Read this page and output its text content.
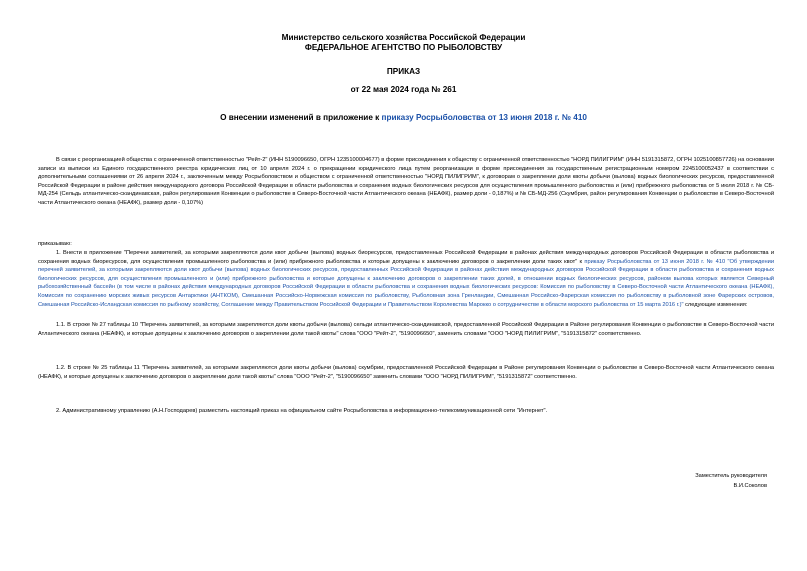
Министерство сельского хозяйства Российской Федерации
ФЕДЕРАЛЬНОЕ АГЕНТСТВО ПО РЫБОЛОВСТВУ
ПРИКАЗ
от 22 мая 2024 года № 261
О внесении изменений в приложение к приказу Росрыболовства от 13 июня 2018 г. № 410

В связи с реорганизацией общества с ограниченной ответственностью "Рейт-2" (ИНН 5190096650, ОГРН 1235100004677) в форме присоединения к обществу с ограниченной ответственностью "НОРД ПИЛИГРИМ" (ИНН 5191315872, ОГРН 1025100857726) на основании записи из выписки из Единого государственного реестра юридических лиц от 10 апреля 2024 г. о прекращении юридического лица путем реорганизации в форме присоединения за государственным регистрационным номером 2245100052437 в соответствии с дополнительными соглашениями от 26 апреля 2024 г., заключенным между Росрыболовством и обществом с ограниченной ответственностью "НОРД ПИЛИГРИМ", к договорам о закреплении доли квоты добычи (вылова) водных биологических ресурсов, предоставленной Российской Федерации в районе действия международного договора Российской Федерации в области рыболовства и сохранения водных биологических ресурсов для осуществления промышленного рыболовства и (или) прибрежного рыболовства от 5 июля 2018 г. № СБ-МД-254 (Сельдь атлантическо-скандинавская, район регулирования Конвенции о рыболовстве в Северо-Восточной части Атлантического океана (НЕАФК), размер доли - 0,187%) и № СБ-МД-256 (Скумбрия, район регулирования Конвенции о рыболовстве в Северо-Восточной части Атлантического океана (НЕАФК), размер доли - 0,107%)

приказываю:

1. Внести в приложение "Перечни заявителей, за которыми закрепляются доли квот добычи (вылова) водных биоресурсов, предоставленных Российской Федерации в районах действия международных договоров Российской Федерации в области рыболовства и сохранения водных биоресурсов, для осуществления промышленного рыболовства и (или) прибрежного рыболовства и которые допущены к заключению договоров о закреплении доли таких квот" к приказу Росрыболовства от 13 июня 2018 г. № 410 "Об утверждении перечней заявителей, за которыми закрепляются доли квот добычи (вылова) водных биологических ресурсов, предоставленных Российской Федерации в районах действия международных договоров Российской Федерации в области рыболовства и сохранения водных биологических ресурсов, для осуществления промышленного и (или) прибрежного рыболовства и которые допущены к заключению договоров о закреплении таких долей, в отношении водных биологических ресурсов, районом вылова которых является Северный рыбохозяйственный бассейн (в том числе в районах действия международных договоров Российской Федерации в области рыболовства и сохранения водных биологических ресурсов: Комиссия по рыболовству в Северо-Восточной части Атлантического океана (НЕАФК), Комиссия по сохранению морских живых ресурсов Антарктики (АНТКОМ), Смешанная Российско-Норвежская комиссия по рыболовству, Рыболовная зона Гренландии, Смешанная Российско-Фарерская комиссия по рыболовству в рыболовной зоне Фарерских островов, Смешанная Российско-Исландская комиссия по рыбному хозяйству, Соглашение между Правительством Российской Федерации и Правительством Королевства Марокко о сотрудничестве в области морского рыболовства от 15 марта 2016 г.)" следующие изменения:

1.1. В строке № 27 таблицы 10 "Перечень заявителей, за которыми закрепляются доли квоты добычи (вылова) сельди атлантическо-скандинавской, предоставленной Российской Федерации в Районе регулирования Конвенции о рыболовстве в Северо-Восточной части Атлантического океана (НЕАФК), и которые допущены к заключению договоров о закреплении доли такой квоты" слова "ООО "Рейт-2", "5190096650", заменить словами "ООО "НОРД ПИЛИГРИМ", "5191315872" соответственно.

1.2. В строке № 25 таблицы 11 "Перечень заявителей, за которыми закрепляются доли квоты добычи (вылова) скумбрии, предоставленной Российской Федерации в Районе регулирования Конвенции о рыболовстве в Северо-Восточной части Атлантического океана (НЕАФК), и которые допущены к заключению договоров о закреплении доли такой квоты" слова "ООО "Рейт-2", "5190096650" заменить словами "ООО "НОРД ПИЛИГРИМ", "5191315872" соответственно.

2. Административному управлению (А.Н.Господарев) разместить настоящий приказ на официальном сайте Росрыболовства в информационно-телекоммуникационной сети "Интернет".

Заместитель руководителя
В.И.Соколов
